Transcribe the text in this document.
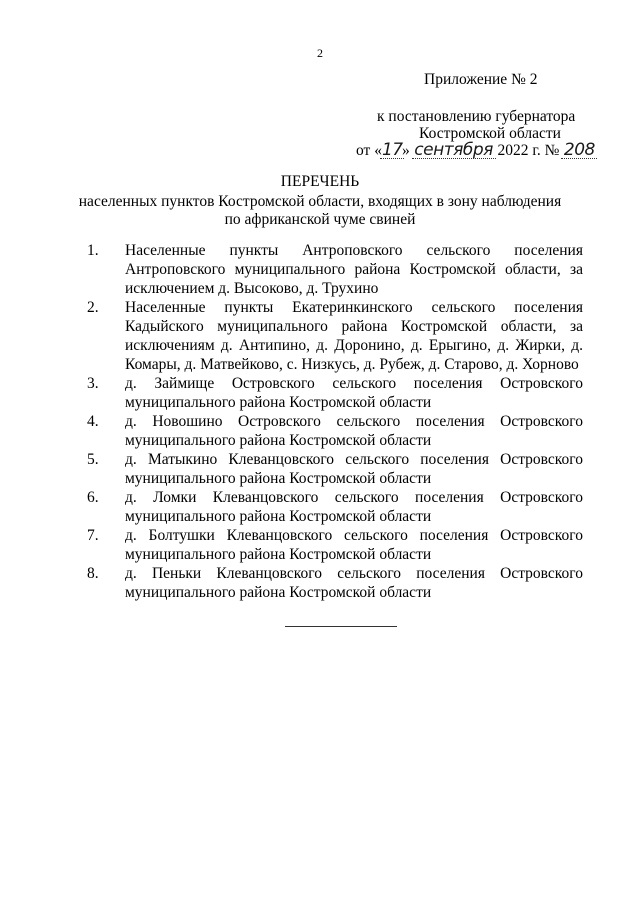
2
Приложение № 2
к постановлению губернатора
Костромской области
от «17» сентября 2022 г. № 208
ПЕРЕЧЕНЬ
населенных пунктов Костромской области, входящих в зону наблюдения
по африканской чуме свиней
1.	Населенные пункты Антроповского сельского поселения Антроповского муниципального района Костромской области, за исключением д. Высоково, д. Трухино
2.	Населенные пункты Екатеринкинского сельского поселения Кадыйского муниципального района Костромской области, за исключениям д. Антипино, д. Доронино, д. Ерыгино, д. Жирки, д. Комары, д. Матвейково, с. Низкусь, д. Рубеж, д. Старово, д. Хорново
3.	д. Займище Островского сельского поселения Островского муниципального района Костромской области
4.	д. Новошино Островского сельского поселения Островского муниципального района Костромской области
5.	д. Матыкино Клеванцовского сельского поселения Островского муниципального района Костромской области
6.	д. Ломки Клеванцовского сельского поселения Островского муниципального района Костромской области
7.	д. Болтушки Клеванцовского сельского поселения Островского муниципального района Костромской области
8.	д. Пеньки Клеванцовского сельского поселения Островского муниципального района Костромской области
